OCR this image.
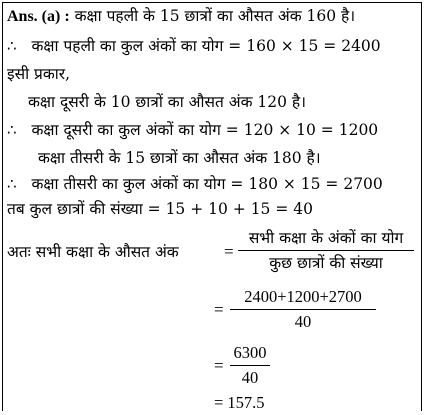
Ans. (a) : कक्षा पहली के 15 छात्रों का औसत अंक 160 है।
∴ कक्षा पहली का कुल अंकों का योग = 160 × 15 = 2400
इसी प्रकार,
कक्षा दूसरी के 10 छात्रों का औसत अंक 120 है।
∴ कक्षा दूसरी का कुल अंकों का योग = 120 × 10 = 1200
कक्षा तीसरी के 15 छात्रों का औसत अंक 180 है।
∴ कक्षा तीसरी का कुल अंकों का योग = 180 × 15 = 2700
तब कुल छात्रों की संख्या = 15 + 10 + 15 = 40
अतः सभी कक्षा के औसत अंक	=
सभी कक्षा के अंकों का योग
कुछ छात्रों की संख्या
=
2400+1200+2700
40
=
6300
40
= 157.5
